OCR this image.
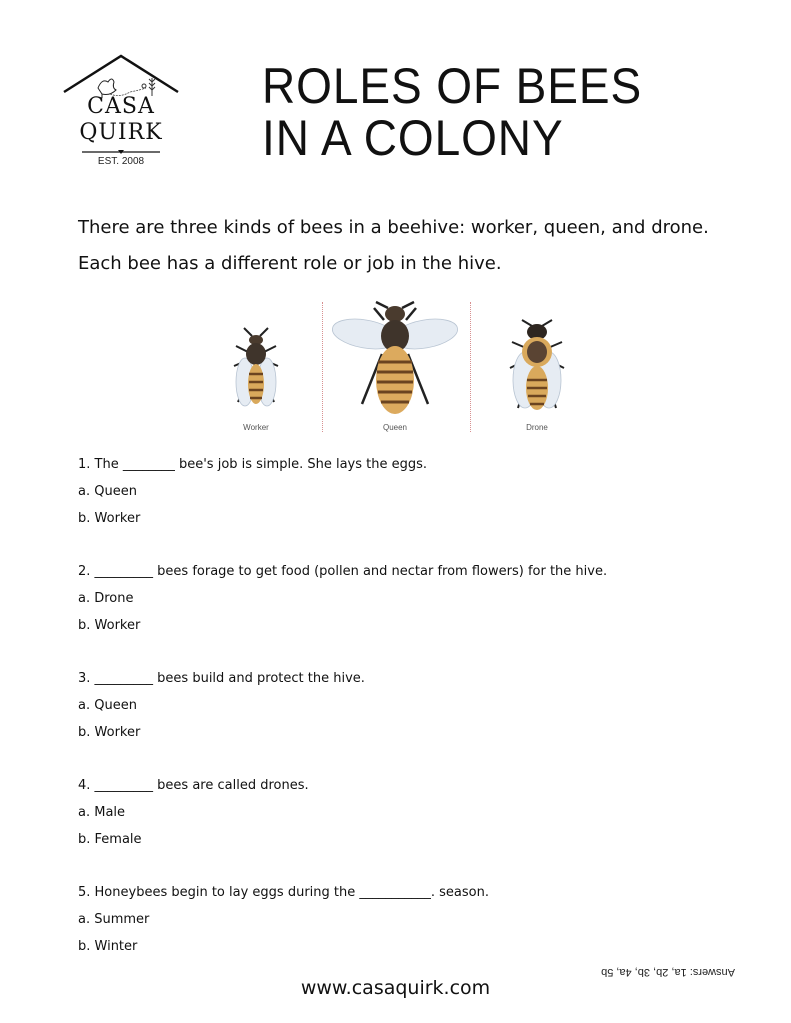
CASA
QUIRK
EST. 2008
ROLES OF BEES
IN A COLONY
There are three kinds of bees in a beehive: worker, queen, and drone.
Each bee has a different role or job in the hive.
Worker	Queen	Drone
1. The ________ bee's job is simple. She lays the eggs.
a. Queen
b. Worker
2. _________ bees forage to get food (pollen and nectar from flowers) for the hive.
a. Drone
b. Worker
3. _________ bees build and protect the hive.
a. Queen
b. Worker
4. _________ bees are called drones.
a. Male
b. Female
5. Honeybees begin to lay eggs during the ___________. season.
a. Summer
b. Winter
Answers: 1a, 2b, 3b, 4a, 5b
www.casaquirk.com
